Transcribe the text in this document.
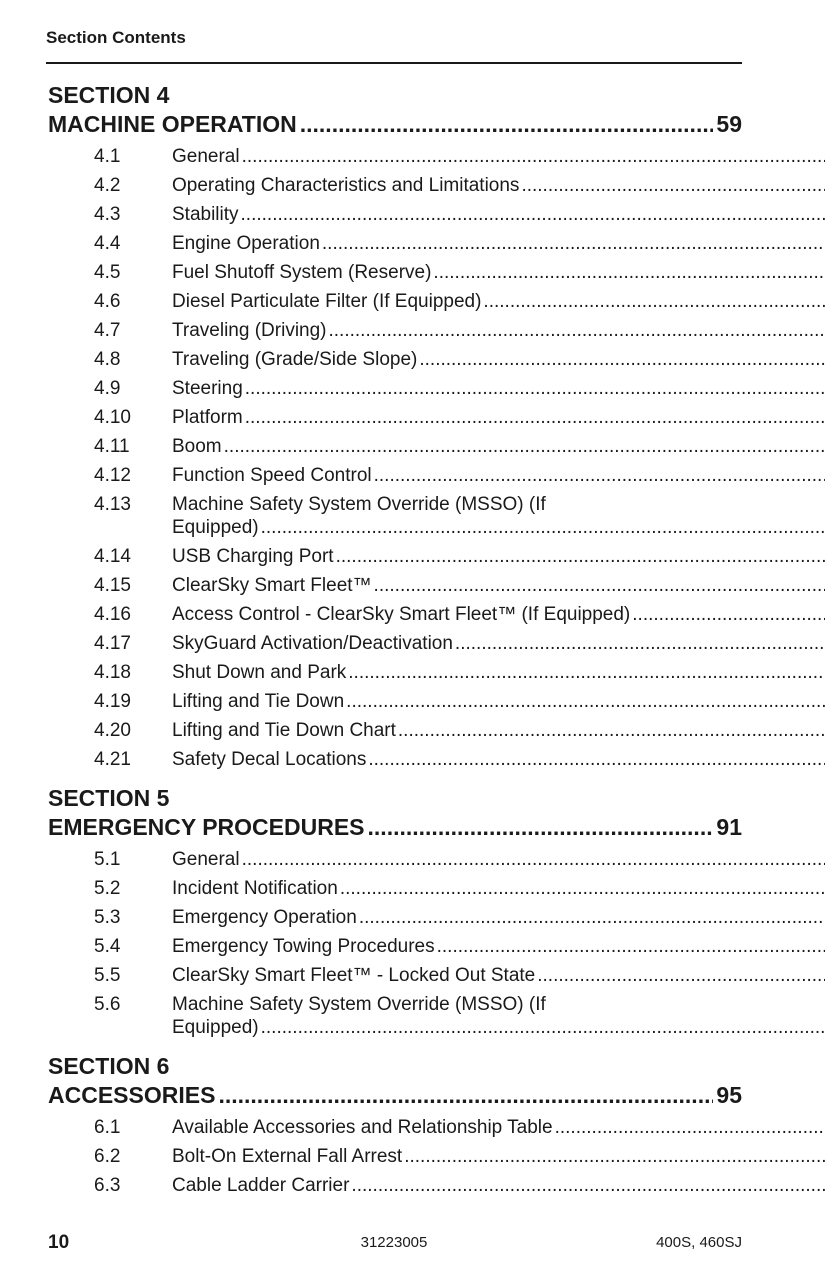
Section Contents
SECTION 4
MACHINE OPERATION .....	59
4.1	General
.....
4.2	Operating Characteristics and Limitations
.....
4.3	Stability
.....
4.4	Engine Operation
.....
4.5	Fuel Shutoff System (Reserve)
.....
4.6	Diesel Particulate Filter (If Equipped)
.....
4.7	Traveling (Driving)
.....
4.8	Traveling (Grade/Side Slope)
.....
4.9	Steering
.....
4.10	Platform
.....
4.11	Boom
.....
4.12	Function Speed Control
.....
4.13	Machine Safety System Override (MSSO) (If
Equipped)
.....
4.14	USB Charging Port
.....
4.15	ClearSky Smart Fleet™
.....
4.16	Access Control - ClearSky Smart Fleet™ (If Equipped)
.....
4.17	SkyGuard Activation/Deactivation
.....
4.18	Shut Down and Park
.....
4.19	Lifting and Tie Down
.....
4.20	Lifting and Tie Down Chart
.....
4.21	Safety Decal Locations
.....
SECTION 5
EMERGENCY PROCEDURES .....	91
5.1	General
.....
5.2	Incident Notification
.....
5.3	Emergency Operation
.....
5.4	Emergency Towing Procedures
.....
5.5	ClearSky Smart Fleet™ - Locked Out State
.....
5.6	Machine Safety System Override (MSSO) (If
Equipped)
.....
SECTION 6
ACCESSORIES .....	95
6.1	Available Accessories and Relationship Table
.....
6.2	Bolt-On External Fall Arrest
.....
6.3	Cable Ladder Carrier
.....
10	31223005	400S, 460SJ
